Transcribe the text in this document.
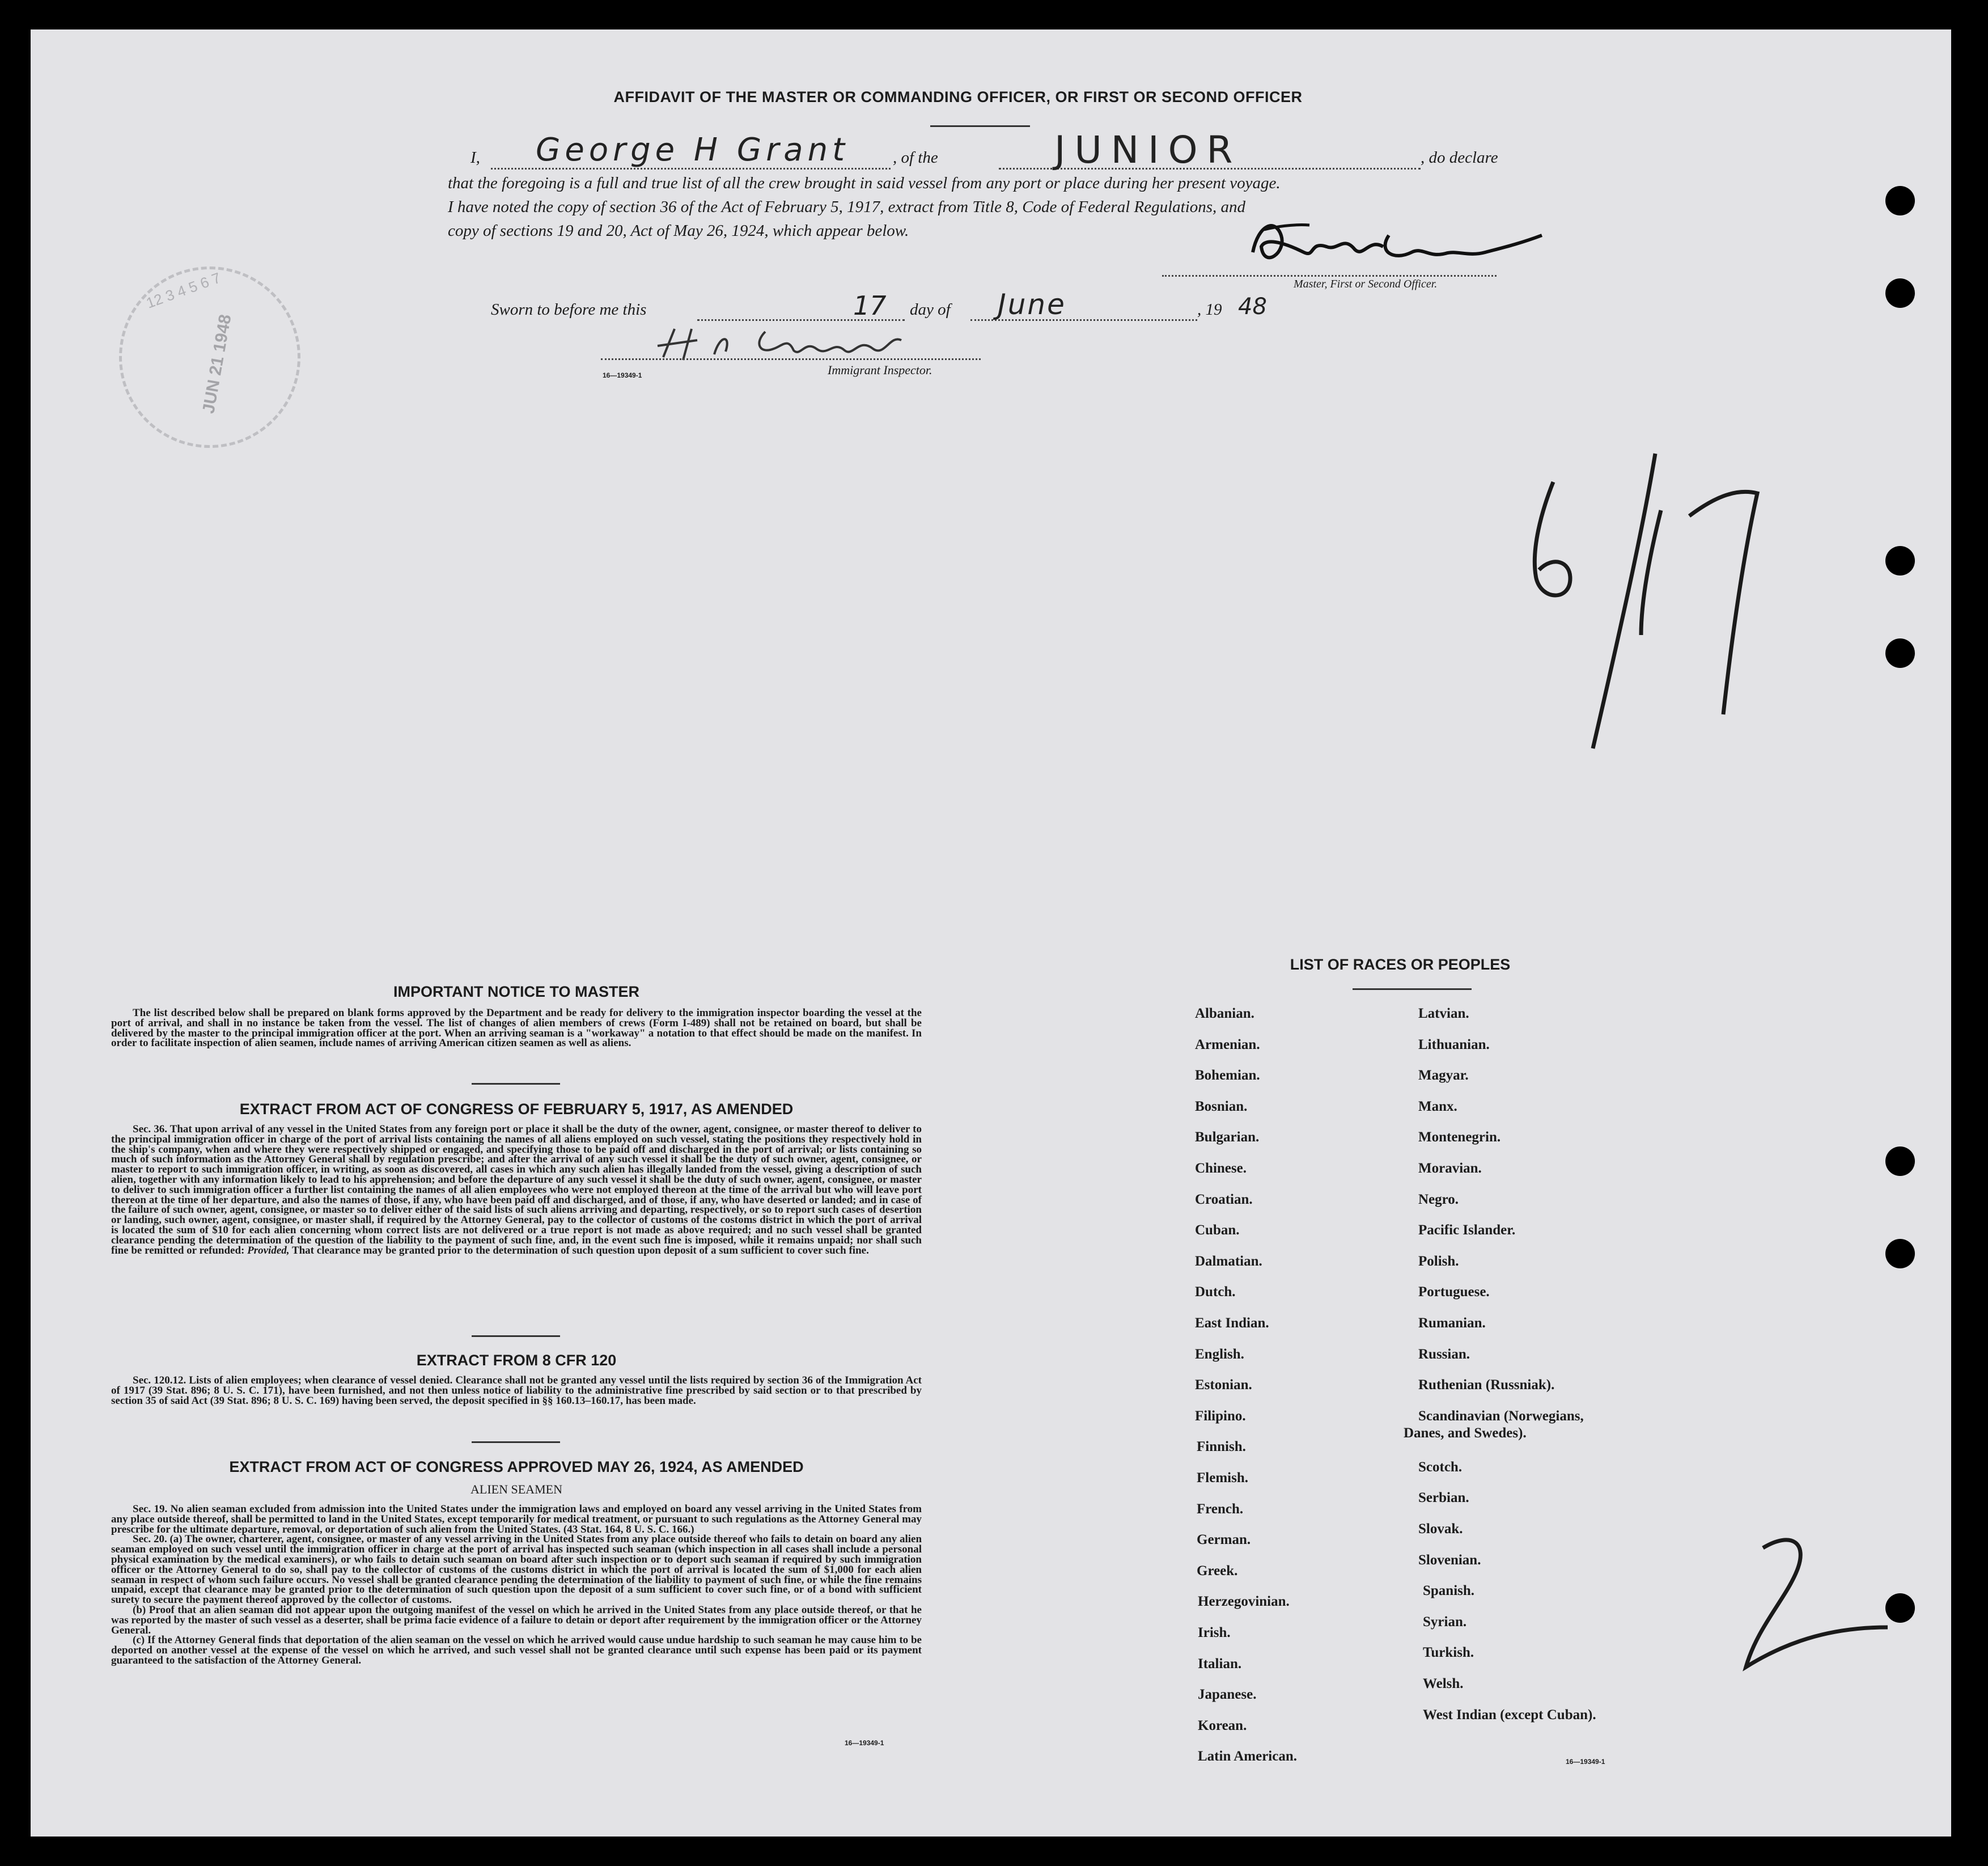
AFFIDAVIT OF THE MASTER OR COMMANDING OFFICER, OR FIRST OR SECOND OFFICER
I, George H Grant	, of the	JUNIOR	, do declare
that the foregoing is a full and true list of all the crew brought in said vessel from any port or place during her present voyage.
I have noted the copy of section 36 of the Act of February 5, 1917, extract from Title 8, Code of Federal Regulations, and
copy of sections 19 and 20, Act of May 26, 1924, which appear below.
Master, First or Second Officer.
Sworn to before me this	17 day of June	, 19 48
16—19349-1	Immigrant Inspector.
12 3 4 5 6 7
JUN 21 1948
IMPORTANT NOTICE TO MASTER
The list described below shall be prepared on blank forms approved by the Department and be ready for delivery to the immigration inspector boarding the vessel at the port of arrival, and shall in no instance be taken from the vessel. The list of changes of alien members of crews (Form I-489) shall not be retained on board, but shall be delivered by the master to the principal immigration officer at the port. When an arriving seaman is a "workaway" a notation to that effect should be made on the manifest. In order to facilitate inspection of alien seamen, include names of arriving American citizen seamen as well as aliens.
EXTRACT FROM ACT OF CONGRESS OF FEBRUARY 5, 1917, AS AMENDED
Sec. 36. That upon arrival of any vessel in the United States from any foreign port or place it shall be the duty of the owner, agent, consignee, or master thereof to deliver to the principal immigration officer in charge of the port of arrival lists containing the names of all aliens employed on such vessel, stating the positions they respectively hold in the ship's company, when and where they were respectively shipped or engaged, and specifying those to be paid off and discharged in the port of arrival; or lists containing so much of such information as the Attorney General shall by regulation prescribe; and after the arrival of any such vessel it shall be the duty of such owner, agent, consignee, or master to report to such immigration officer, in writing, as soon as discovered, all cases in which any such alien has illegally landed from the vessel, giving a description of such alien, together with any information likely to lead to his apprehension; and before the departure of any such vessel it shall be the duty of such owner, agent, consignee, or master to deliver to such immigration officer a further list containing the names of all alien employees who were not employed thereon at the time of the arrival but who will leave port thereon at the time of her departure, and also the names of those, if any, who have been paid off and discharged, and of those, if any, who have deserted or landed; and in case of the failure of such owner, agent, consignee, or master so to deliver either of the said lists of such aliens arriving and departing, respectively, or so to report such cases of desertion or landing, such owner, agent, consignee, or master shall, if required by the Attorney General, pay to the collector of customs of the costoms district in which the port of arrival is located the sum of $10 for each alien concerning whom correct lists are not delivered or a true report is not made as above required; and no such vessel shall be granted clearance pending the determination of the question of the liability to the payment of such fine, and, in the event such fine is imposed, while it remains unpaid; nor shall such fine be remitted or refunded: Provided, That clearance may be granted prior to the determination of such question upon deposit of a sum sufficient to cover such fine.
EXTRACT FROM 8 CFR 120
Sec. 120.12. Lists of alien employees; when clearance of vessel denied. Clearance shall not be granted any vessel until the lists required by section 36 of the Immigration Act of 1917 (39 Stat. 896; 8 U. S. C. 171), have been furnished, and not then unless notice of liability to the administrative fine prescribed by said section or to that prescribed by section 35 of said Act (39 Stat. 896; 8 U. S. C. 169) having been served, the deposit specified in §§ 160.13–160.17, has been made.
EXTRACT FROM ACT OF CONGRESS APPROVED MAY 26, 1924, AS AMENDED
ALIEN SEAMEN
Sec. 19. No alien seaman excluded from admission into the United States under the immigration laws and employed on board any vessel arriving in the United States from any place outside thereof, shall be permitted to land in the United States, except temporarily for medical treatment, or pursuant to such regulations as the Attorney General may prescribe for the ultimate departure, removal, or deportation of such alien from the United States. (43 Stat. 164, 8 U. S. C. 166.)
Sec. 20. (a) The owner, charterer, agent, consignee, or master of any vessel arriving in the United States from any place outside thereof who fails to detain on board any alien seaman employed on such vessel until the immigration officer in charge at the port of arrival has inspected such seaman (which inspection in all cases shall include a personal physical examination by the medical examiners), or who fails to detain such seaman on board after such inspection or to deport such seaman if required by such immigration officer or the Attorney General to do so, shall pay to the collector of customs of the customs district in which the port of arrival is located the sum of $1,000 for each alien seaman in respect of whom such failure occurs. No vessel shall be granted clearance pending the determination of the liability to payment of such fine, or while the fine remains unpaid, except that clearance may be granted prior to the determination of such question upon the deposit of a sum sufficient to cover such fine, or of a bond with sufficient surety to secure the payment thereof approved by the collector of customs.
(b) Proof that an alien seaman did not appear upon the outgoing manifest of the vessel on which he arrived in the United States from any place outside thereof, or that he was reported by the master of such vessel as a deserter, shall be prima facie evidence of a failure to detain or deport after requirement by the immigration officer or the Attorney General.
(c) If the Attorney General finds that deportation of the alien seaman on the vessel on which he arrived would cause undue hardship to such seaman he may cause him to be deported on another vessel at the expense of the vessel on which he arrived, and such vessel shall not be granted clearance until such expense has been paid or its payment guaranteed to the satisfaction of the Attorney General.
16—19349-1
LIST OF RACES OR PEOPLES
Albanian.
Armenian.
Bohemian.
Bosnian.
Bulgarian.
Chinese.
Croatian.
Cuban.
Dalmatian.
Dutch.
East Indian.
English.
Estonian.
Filipino.
Finnish.
Flemish.
French.
German.
Greek.
Herzegovinian.
Irish.
Italian.
Japanese.
Korean.
Latin American.
Latvian.
Lithuanian.
Magyar.
Manx.
Montenegrin.
Moravian.
Negro.
Pacific Islander.
Polish.
Portuguese.
Rumanian.
Russian.
Ruthenian (Russniak).
Scandinavian (Norwegians,
Danes, and Swedes).
Scotch.
Serbian.
Slovak.
Slovenian.
Spanish.
Syrian.
Turkish.
Welsh.
West Indian (except Cuban).
16—19349-1
